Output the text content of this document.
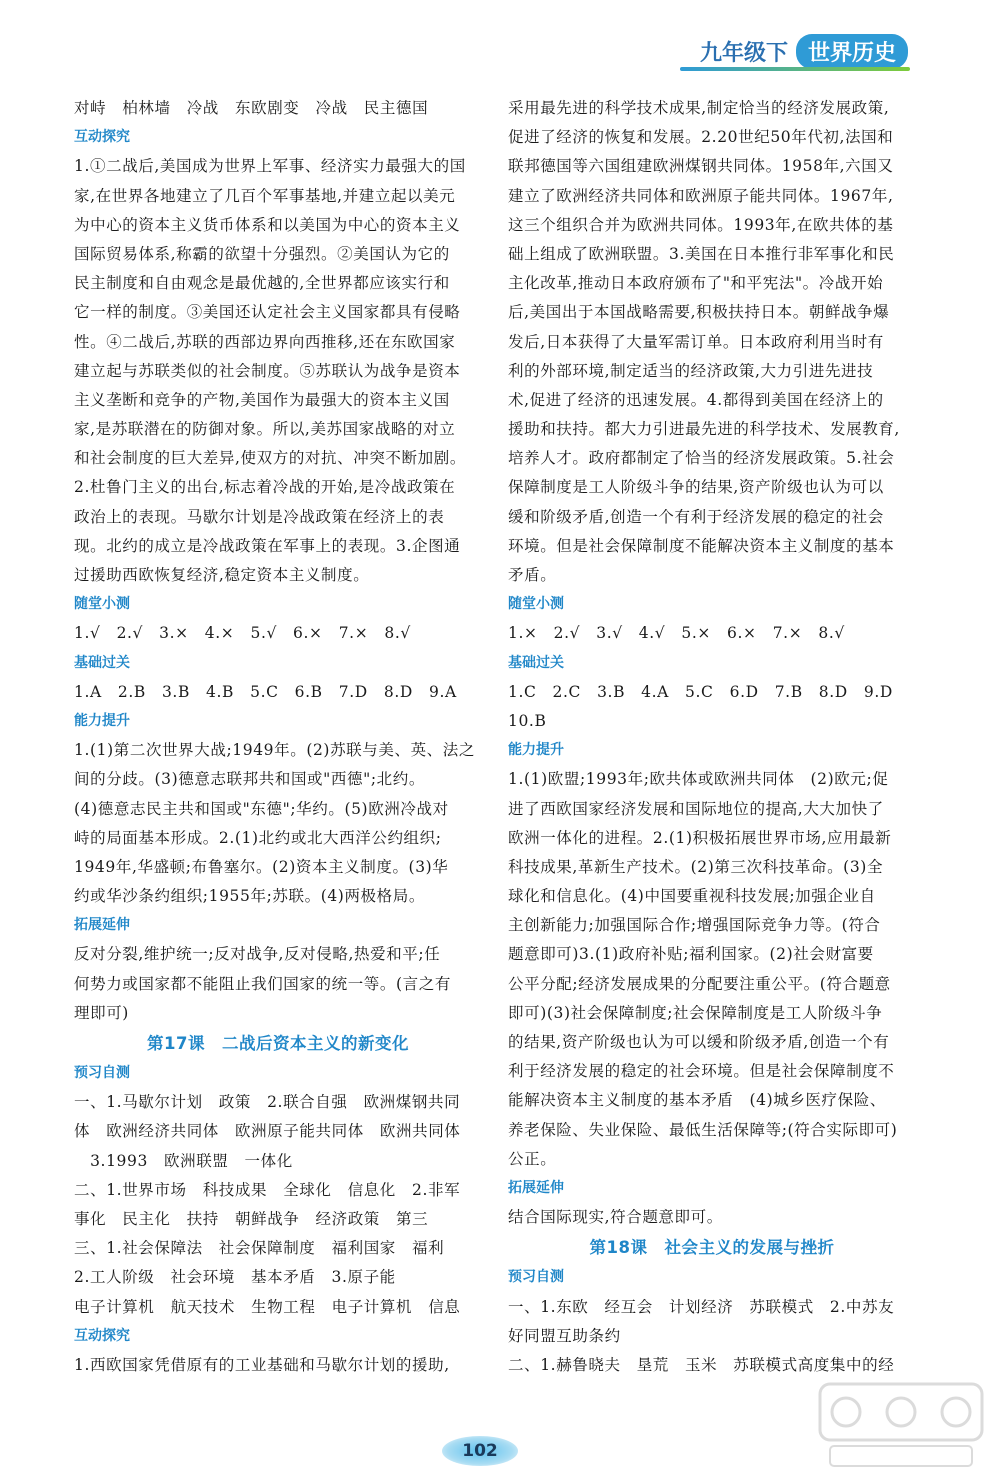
九年级下 世界历史
对峙　柏林墙　冷战　东欧剧变　冷战　民主德国
互动探究
1.①二战后,美国成为世界上军事、经济实力最强大的国
家,在世界各地建立了几百个军事基地,并建立起以美元
为中心的资本主义货币体系和以美国为中心的资本主义
国际贸易体系,称霸的欲望十分强烈。②美国认为它的
民主制度和自由观念是最优越的,全世界都应该实行和
它一样的制度。③美国还认定社会主义国家都具有侵略
性。④二战后,苏联的西部边界向西推移,还在东欧国家
建立起与苏联类似的社会制度。⑤苏联认为战争是资本
主义垄断和竞争的产物,美国作为最强大的资本主义国
家,是苏联潜在的防御对象。所以,美苏国家战略的对立
和社会制度的巨大差异,使双方的对抗、冲突不断加剧。
2.杜鲁门主义的出台,标志着冷战的开始,是冷战政策在
政治上的表现。马歇尔计划是冷战政策在经济上的表
现。北约的成立是冷战政策在军事上的表现。3.企图通
过援助西欧恢复经济,稳定资本主义制度。
随堂小测
1.√　2.√　3.×　4.×　5.√　6.×　7.×　8.√
基础过关
1.A　2.B　3.B　4.B　5.C　6.B　7.D　8.D　9.A
能力提升
1.(1)第二次世界大战;1949年。(2)苏联与美、英、法之
间的分歧。(3)德意志联邦共和国或"西德";北约。
(4)德意志民主共和国或"东德";华约。(5)欧洲冷战对
峙的局面基本形成。2.(1)北约或北大西洋公约组织;
1949年,华盛顿;布鲁塞尔。(2)资本主义制度。(3)华
约或华沙条约组织;1955年;苏联。(4)两极格局。
拓展延伸
反对分裂,维护统一;反对战争,反对侵略,热爱和平;任
何势力或国家都不能阻止我们国家的统一等。(言之有
理即可)
第17课　二战后资本主义的新变化
预习自测
一、1.马歇尔计划　政策　2.联合自强　欧洲煤钢共同
体　欧洲经济共同体　欧洲原子能共同体　欧洲共同体
　3.1993　欧洲联盟　一体化
二、1.世界市场　科技成果　全球化　信息化　2.非军
事化　民主化　扶持　朝鲜战争　经济政策　第三
三、1.社会保障法　社会保障制度　福利国家　福利
2.工人阶级　社会环境　基本矛盾　3.原子能
电子计算机　航天技术　生物工程　电子计算机　信息
互动探究
1.西欧国家凭借原有的工业基础和马歇尔计划的援助,
采用最先进的科学技术成果,制定恰当的经济发展政策,
促进了经济的恢复和发展。2.20世纪50年代初,法国和
联邦德国等六国组建欧洲煤钢共同体。1958年,六国又
建立了欧洲经济共同体和欧洲原子能共同体。1967年,
这三个组织合并为欧洲共同体。1993年,在欧共体的基
础上组成了欧洲联盟。3.美国在日本推行非军事化和民
主化改革,推动日本政府颁布了"和平宪法"。冷战开始
后,美国出于本国战略需要,积极扶持日本。朝鲜战争爆
发后,日本获得了大量军需订单。日本政府利用当时有
利的外部环境,制定适当的经济政策,大力引进先进技
术,促进了经济的迅速发展。4.都得到美国在经济上的
援助和扶持。都大力引进最先进的科学技术、发展教育,
培养人才。政府都制定了恰当的经济发展政策。5.社会
保障制度是工人阶级斗争的结果,资产阶级也认为可以
缓和阶级矛盾,创造一个有利于经济发展的稳定的社会
环境。但是社会保障制度不能解决资本主义制度的基本
矛盾。
随堂小测
1.×　2.√　3.√　4.√　5.×　6.×　7.×　8.√
基础过关
1.C　2.C　3.B　4.A　5.C　6.D　7.B　8.D　9.D
10.B
能力提升
1.(1)欧盟;1993年;欧共体或欧洲共同体　(2)欧元;促
进了西欧国家经济发展和国际地位的提高,大大加快了
欧洲一体化的进程。2.(1)积极拓展世界市场,应用最新
科技成果,革新生产技术。(2)第三次科技革命。(3)全
球化和信息化。(4)中国要重视科技发展;加强企业自
主创新能力;加强国际合作;增强国际竞争力等。(符合
题意即可)3.(1)政府补贴;福利国家。(2)社会财富要
公平分配;经济发展成果的分配要注重公平。(符合题意
即可)(3)社会保障制度;社会保障制度是工人阶级斗争
的结果,资产阶级也认为可以缓和阶级矛盾,创造一个有
利于经济发展的稳定的社会环境。但是社会保障制度不
能解决资本主义制度的基本矛盾　(4)城乡医疗保险、
养老保险、失业保险、最低生活保障等;(符合实际即可)
公正。
拓展延伸
结合国际现实,符合题意即可。
第18课　社会主义的发展与挫折
预习自测
一、1.东欧　经互会　计划经济　苏联模式　2.中苏友
好同盟互助条约
二、1.赫鲁晓夫　垦荒　玉米　苏联模式高度集中的经
102
